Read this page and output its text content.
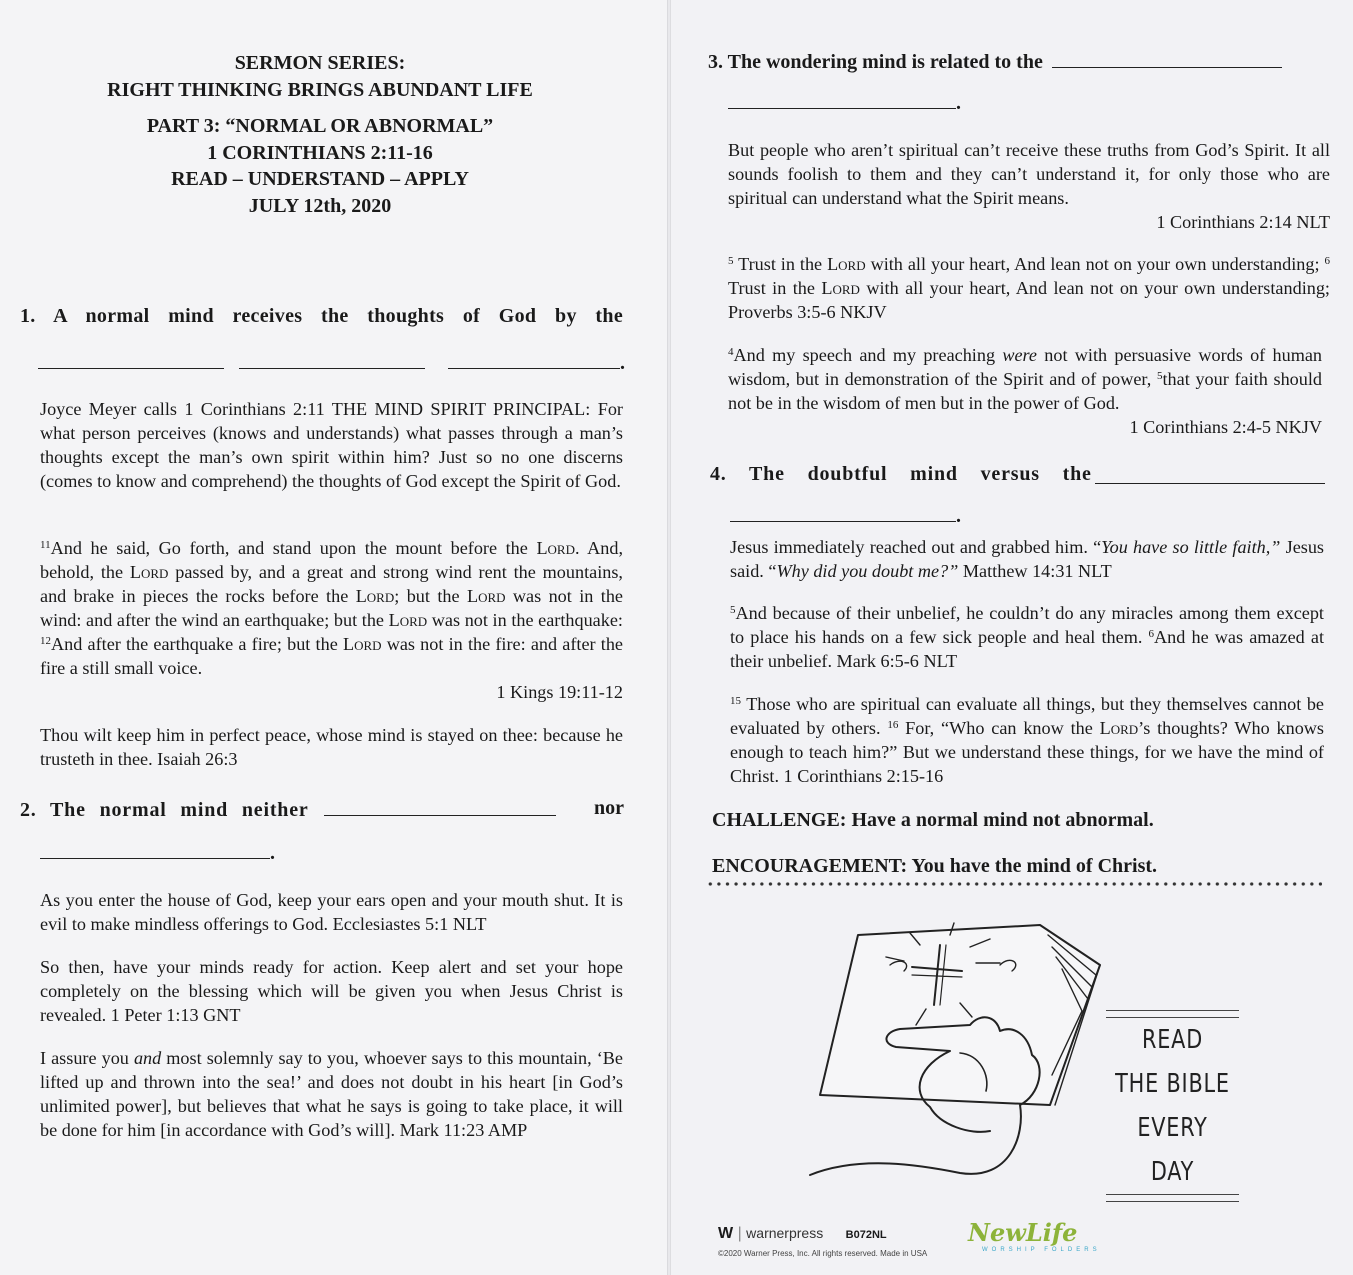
SERMON SERIES:
RIGHT THINKING BRINGS ABUNDANT LIFE
PART 3: “NORMAL OR ABNORMAL”
1 CORINTHIANS 2:11-16
READ – UNDERSTAND – APPLY
JULY 12th, 2020
1. A normal mind receives the thoughts of God by the
.
Joyce Meyer calls 1 Corinthians 2:11 THE MIND SPIRIT PRINCIPAL: For what person perceives (knows and understands) what passes through a man’s thoughts except the man’s own spirit within him? Just so no one discerns (comes to know and comprehend) the thoughts of God except the Spirit of God.
$^{11}$And he said, Go forth, and stand upon the mount before the Lord. And, behold, the Lord passed by, and a great and strong wind rent the mountains, and brake in pieces the rocks before the Lord; but the Lord was not in the wind: and after the wind an earthquake; but the Lord was not in the earthquake: $^{12}$And after the earthquake a fire; but the Lord was not in the fire: and after the fire a still small voice.
1 Kings 19:11-12
Thou wilt keep him in perfect peace, whose mind is stayed on thee: because he trusteth in thee. Isaiah 26:3
2. The normal mind neither	nor
.
As you enter the house of God, keep your ears open and your mouth shut. It is evil to make mindless offerings to God. Ecclesiastes 5:1 NLT
So then, have your minds ready for action. Keep alert and set your hope completely on the blessing which will be given you when Jesus Christ is revealed. 1 Peter 1:13 GNT
I assure you and most solemnly say to you, whoever says to this mountain, ‘Be lifted up and thrown into the sea!’ and does not doubt in his heart [in God’s unlimited power], but believes that what he says is going to take place, it will be done for him [in accordance with God’s will]. Mark 11:23 AMP
3. The wondering mind is related to the
.
But people who aren’t spiritual can’t receive these truths from God’s Spirit. It all sounds foolish to them and they can’t understand it, for only those who are spiritual can understand what the Spirit means.
1 Corinthians 2:14 NLT
$^5$ Trust in the Lord with all your heart, And lean not on your own understanding; $^6$ Trust in the Lord with all your heart, And lean not on your own understanding; Proverbs 3:5-6 NKJV
$^4$And my speech and my preaching were not with persuasive words of human wisdom, but in demonstration of the Spirit and of power, $^5$that your faith should not be in the wisdom of men but in the power of God.
1 Corinthians 2:4-5 NKJV
4. The doubtful mind versus the
.
Jesus immediately reached out and grabbed him. “You have so little faith,” Jesus said. “Why did you doubt me?” Matthew 14:31 NLT
$^5$And because of their unbelief, he couldn’t do any miracles among them except to place his hands on a few sick people and heal them. $^6$And he was amazed at their unbelief. Mark 6:5-6 NLT
$^{15}$ Those who are spiritual can evaluate all things, but they themselves cannot be evaluated by others. $^{16}$ For, “Who can know the Lord’s thoughts? Who knows enough to teach him?” But we understand these things, for we have the mind of Christ. 1 Corinthians 2:15-16
CHALLENGE: Have a normal mind not abnormal.
ENCOURAGEMENT: You have the mind of Christ.
READ
THE BIBLE
EVERY DAY
W | warnerpress B072NL
©2020 Warner Press, Inc. All rights reserved. Made in USA
NewLife
WORSHIP FOLDERS
